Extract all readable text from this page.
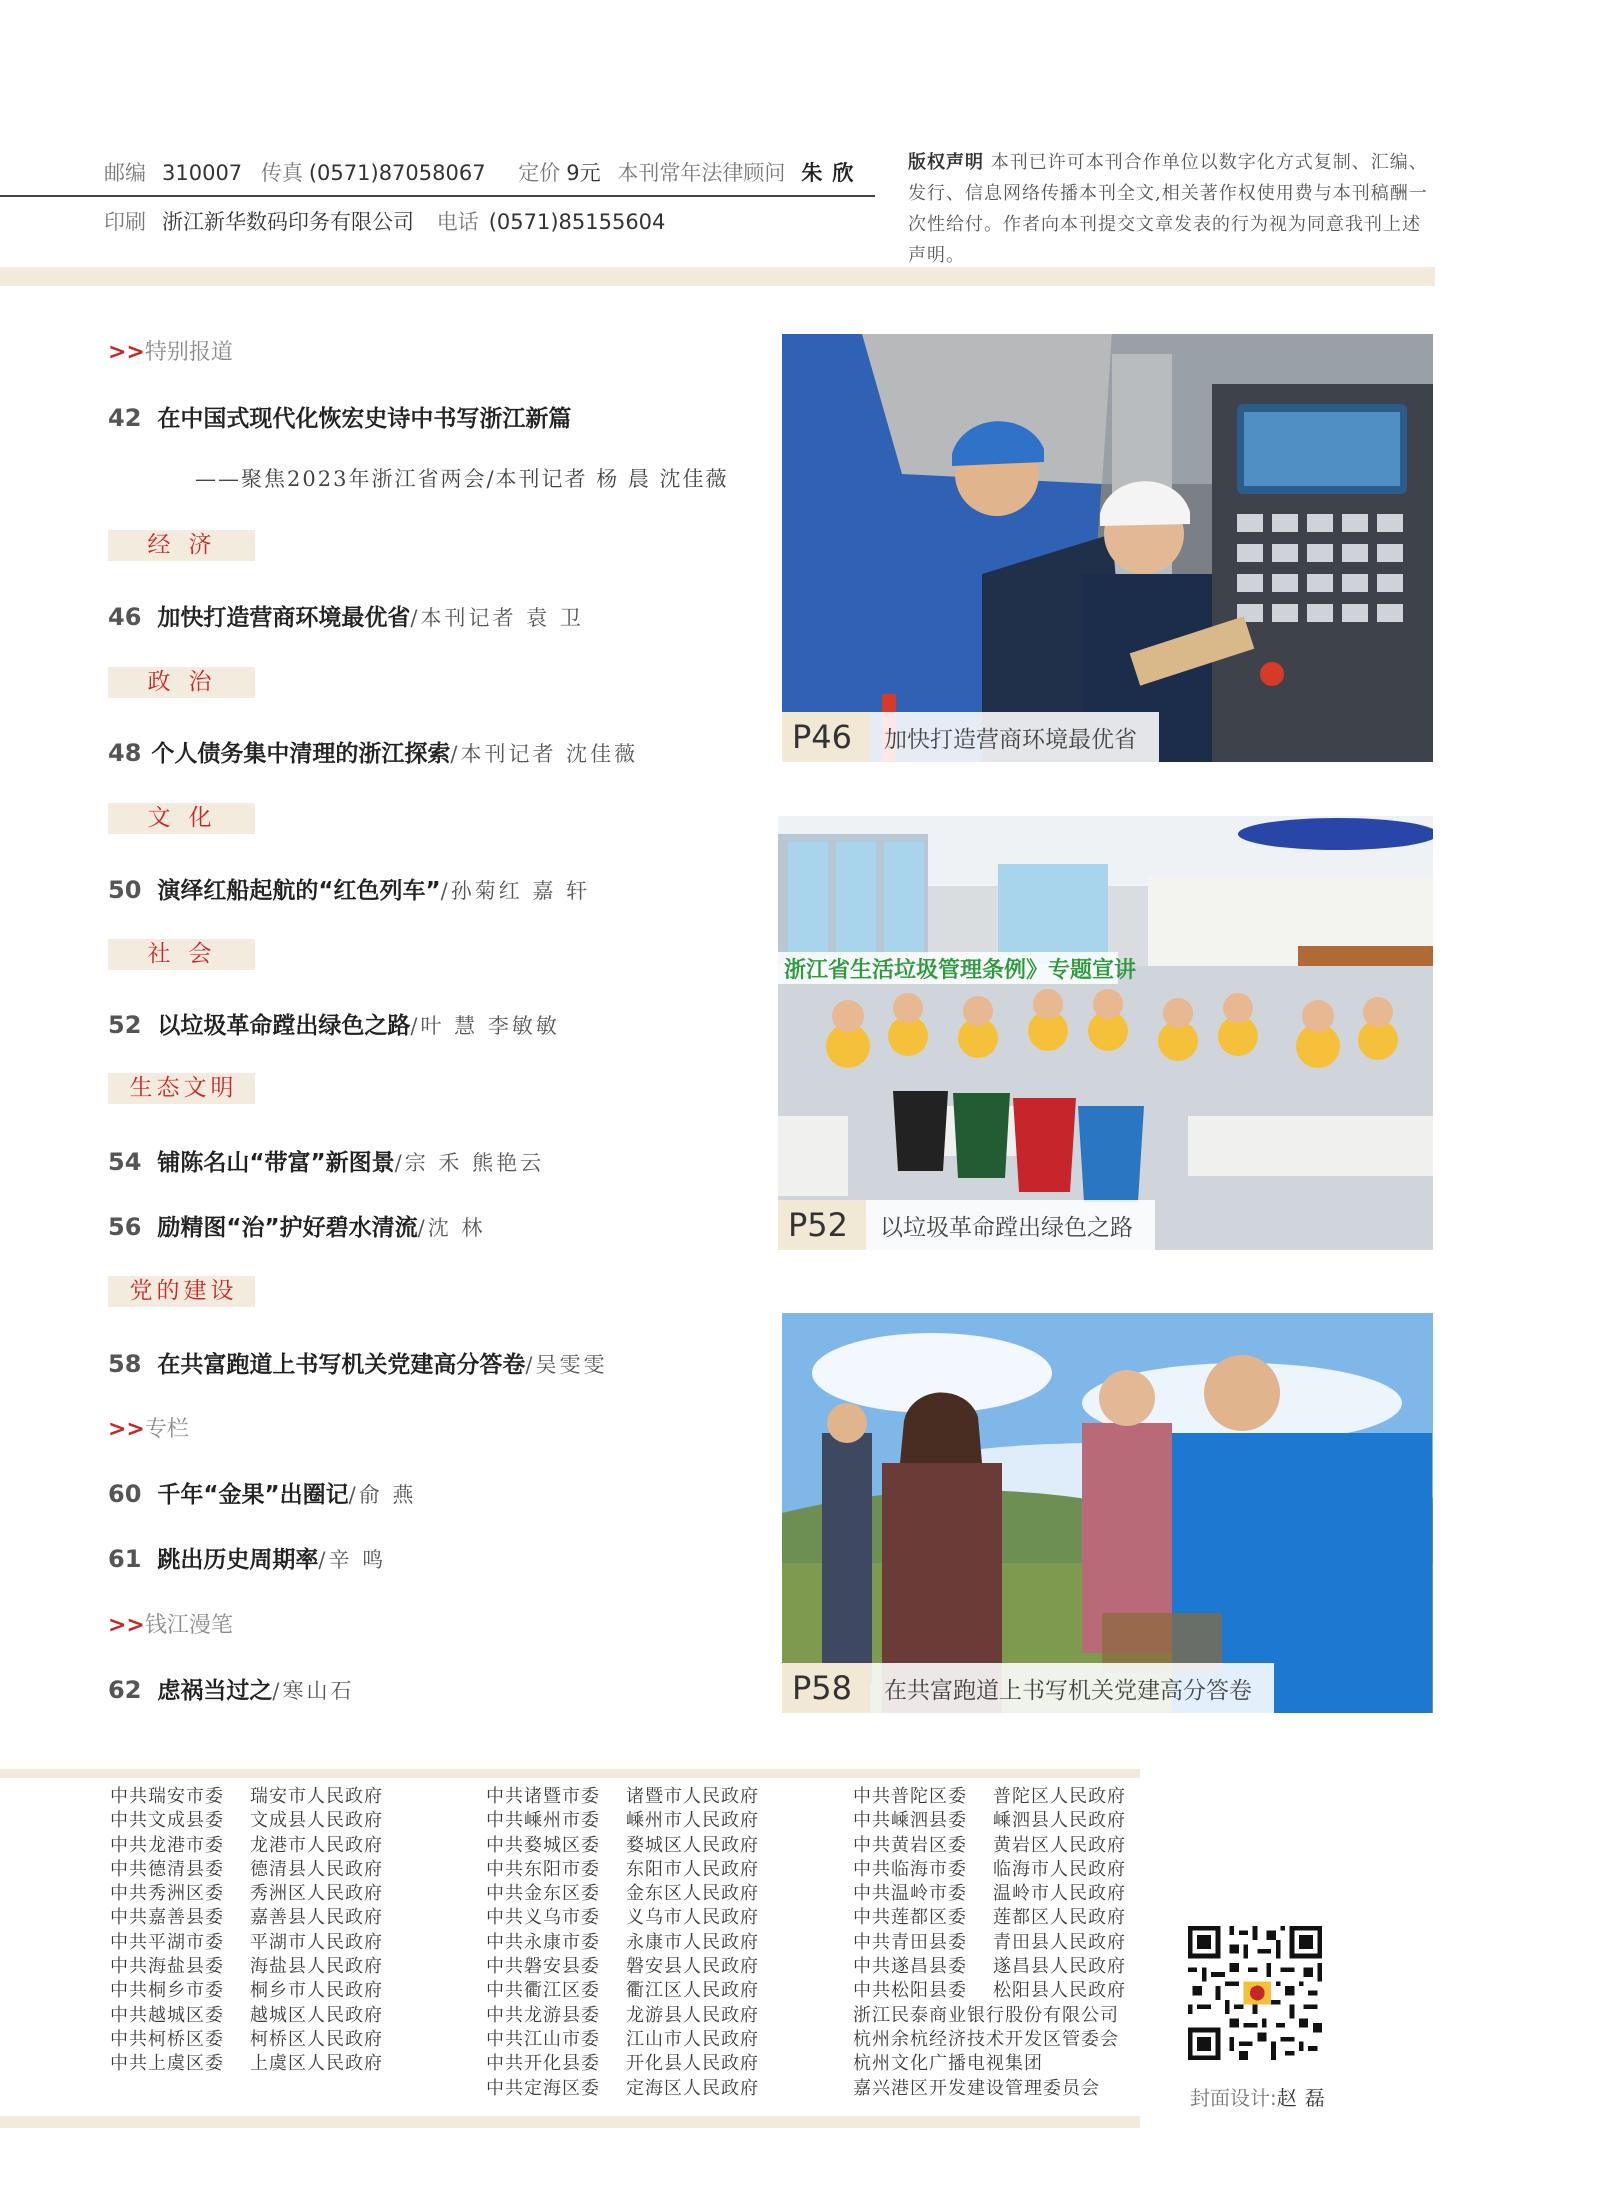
邮编 310007 传真 (0571)87058067 定价 9元 本刊常年法律顾问 朱欣
印刷 浙江新华数码印务有限公司 电话 (0571)85155604
版权声明 本刊已许可本刊合作单位以数字化方式复制、汇编、发行、信息网络传播本刊全文,相关著作权使用费与本刊稿酬一次性给付。作者向本刊提交文章发表的行为视为同意我刊上述声明。
>>特别报道
42 在中国式现代化恢宏史诗中书写浙江新篇
——聚焦2023年浙江省两会/本刊记者 杨 晨 沈佳薇
经济
46 加快打造营商环境最优省/本刊记者 袁 卫
政治
48 个人债务集中清理的浙江探索/本刊记者 沈佳薇
文化
50 演绎红船起航的“红色列车”/孙菊红 嘉 轩
社会
52 以垃圾革命蹚出绿色之路/叶 慧 李敏敏
生态文明
54 铺陈名山“带富”新图景/宗 禾 熊艳云
56 励精图“治”护好碧水清流/沈 林
党的建设
58 在共富跑道上书写机关党建高分答卷/吴雯雯
>>专栏
60 千年“金果”出圈记/俞 燕
61 跳出历史周期率/辛 鸣
>>钱江漫笔
62 虑祸当过之/寒山石
P46	加快打造营商环境最优省
浙江省生活垃圾管理条例》专题宣讲
P52	以垃圾革命蹚出绿色之路
P58	在共富跑道上书写机关党建高分答卷
中共瑞安市委 瑞安市人民政府
中共文成县委 文成县人民政府
中共龙港市委 龙港市人民政府
中共德清县委 德清县人民政府
中共秀洲区委 秀洲区人民政府
中共嘉善县委 嘉善县人民政府
中共平湖市委 平湖市人民政府
中共海盐县委 海盐县人民政府
中共桐乡市委 桐乡市人民政府
中共越城区委 越城区人民政府
中共柯桥区委 柯桥区人民政府
中共上虞区委 上虞区人民政府
中共诸暨市委 诸暨市人民政府
中共嵊州市委 嵊州市人民政府
中共婺城区委 婺城区人民政府
中共东阳市委 东阳市人民政府
中共金东区委 金东区人民政府
中共义乌市委 义乌市人民政府
中共永康市委 永康市人民政府
中共磐安县委 磐安县人民政府
中共衢江区委 衢江区人民政府
中共龙游县委 龙游县人民政府
中共江山市委 江山市人民政府
中共开化县委 开化县人民政府
中共定海区委 定海区人民政府
中共普陀区委 普陀区人民政府
中共嵊泗县委 嵊泗县人民政府
中共黄岩区委 黄岩区人民政府
中共临海市委 临海市人民政府
中共温岭市委 温岭市人民政府
中共莲都区委 莲都区人民政府
中共青田县委 青田县人民政府
中共遂昌县委 遂昌县人民政府
中共松阳县委 松阳县人民政府
浙江民泰商业银行股份有限公司
杭州余杭经济技术开发区管委会
杭州文化广播电视集团
嘉兴港区开发建设管理委员会	封面设计:赵磊
